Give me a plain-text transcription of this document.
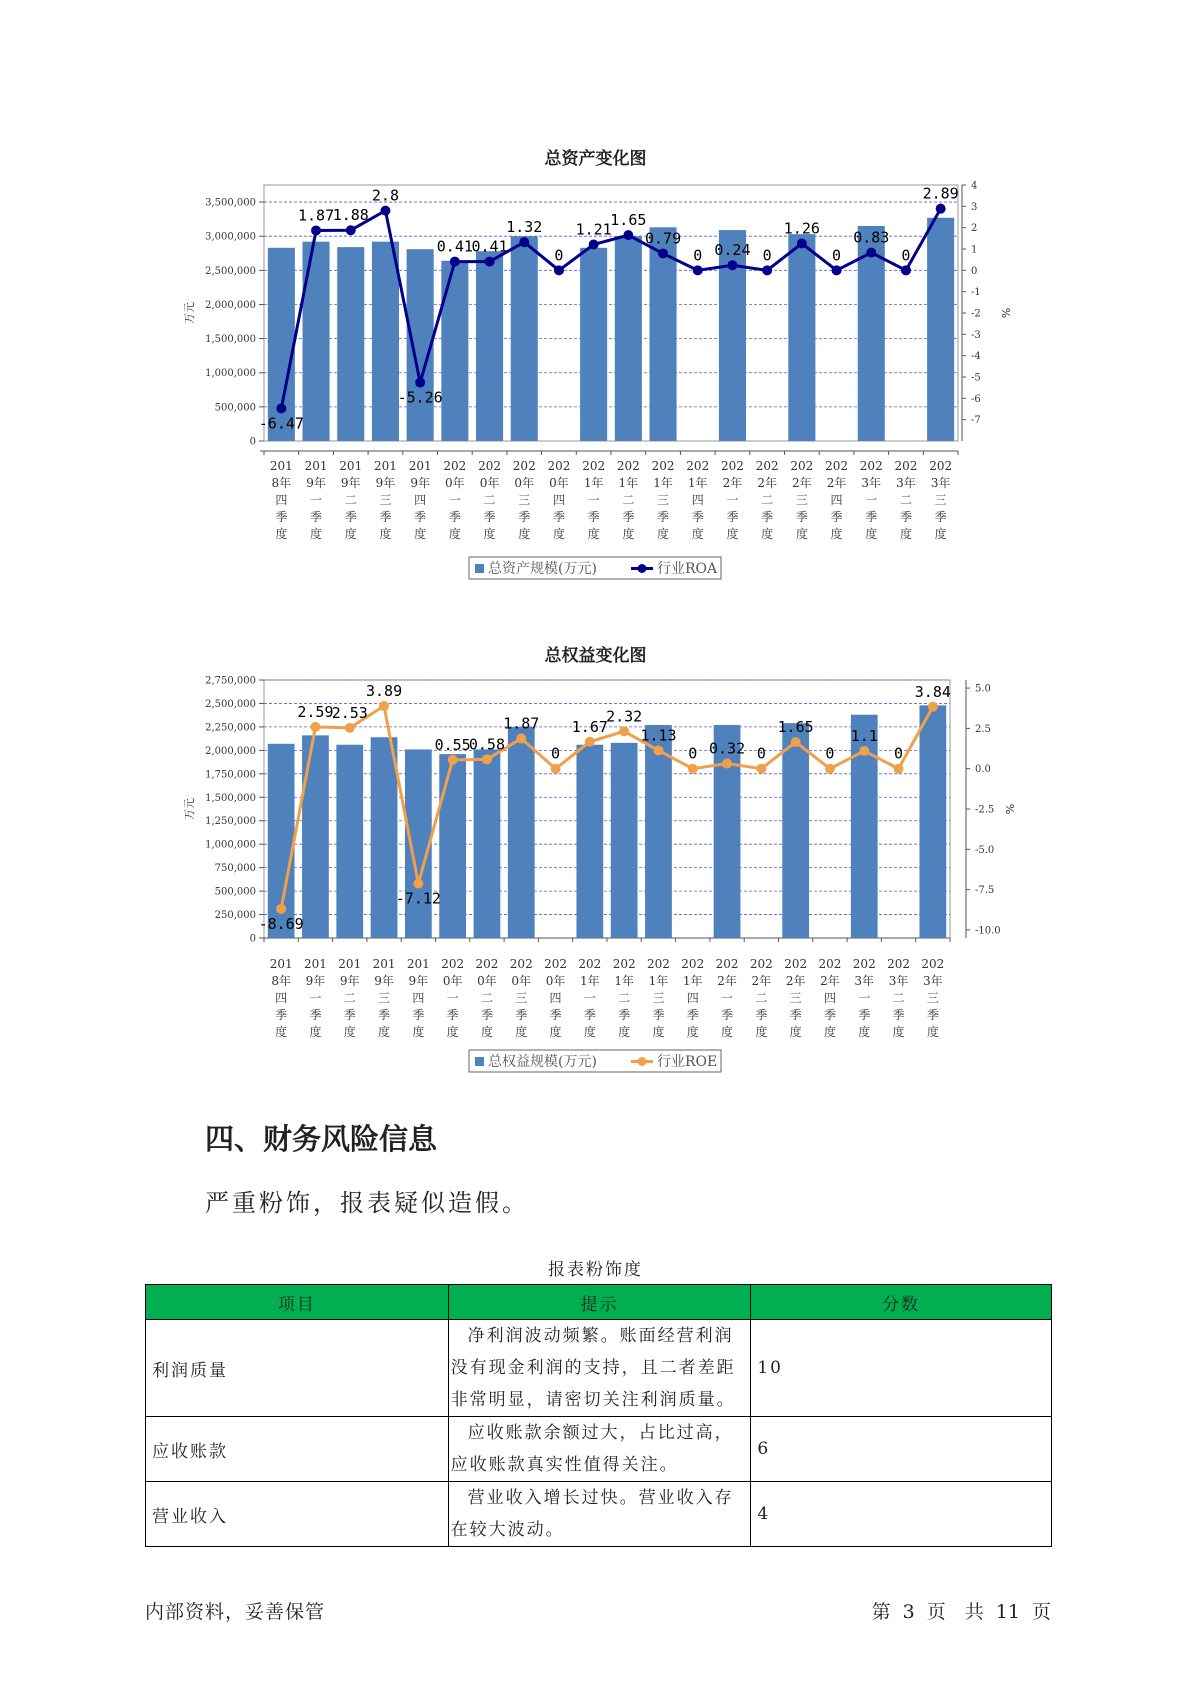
总资产变化图
0
500,000
1,000,000
1,500,000
2,000,000
2,500,000
3,000,000
3,500,000
-7
-6
-5
-4
-3
-2
-1
0
1
2
3
4
万元	%
-6.47
1.87
1.88
2.8
-5.26
0.41
0.41
1.32
0
1.21
1.65
0.79
0 0.24 0
1.26
0
0.83
0
2.89
201 8年四季度
201 9年一季度
201 9年二季度
201 9年三季度
201 9年四季度
202 0年一季度
202 0年二季度
202 0年三季度
202 0年四季度
202 1年一季度
202 1年二季度
202 1年三季度
202 1年四季度
202 2年一季度
202 2年二季度
202 2年三季度
202 2年四季度
202 3年一季度
202 3年二季度
202 3年三季度
总资产规模(万元)	行业ROA
总权益变化图
0
250,000
500,000
750,000
1,000,000
1,250,000
1,500,000
1,750,000
2,000,000
2,250,000
2,500,000
2,750,000
-10.0
-7.5
-5.0
-2.5
0.0
2.5
5.0
万元	%
-8.69
2.59
2.53
3.89
-7.12
0.55
0.58
1.87
0
1.67
2.32
1.13
0 0.32 0
1.65
0
1.1
0
3.84
201 8年四季度
201 9年一季度
201 9年二季度
201 9年三季度
201 9年四季度
202 0年一季度
202 0年二季度
202 0年三季度
202 0年四季度
202 1年一季度
202 1年二季度
202 1年三季度
202 1年四季度
202 2年一季度
202 2年二季度
202 2年三季度
202 2年四季度
202 3年一季度
202 3年二季度
202 3年三季度
总权益规模(万元)	行业ROE
四、财务风险信息
严重粉饰，报表疑似造假。
报表粉饰度
项目	提示	分数
利润质量	净利润波动频繁。账面经营利润没有现金利润的支持，且二者差距非常明显，请密切关注利润质量。	10
应收账款	应收账款余额过大，占比过高，应收账款真实性值得关注。	6
营业收入	营业收入增长过快。营业收入存在较大波动。	4
内部资料，妥善保管	第 3 页　共 11 页
